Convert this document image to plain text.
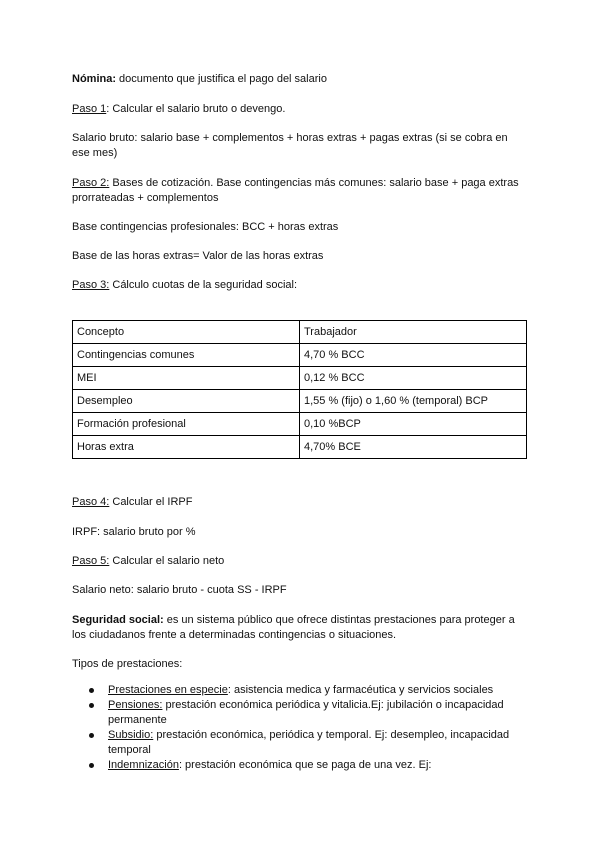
Nómina: documento que justifica el pago del salario
Paso 1: Calcular el salario bruto o devengo.
Salario bruto: salario base + complementos + horas extras + pagas extras (si se cobra en ese mes)
Paso 2: Bases de cotización. Base contingencias más comunes: salario base + paga extras prorrateadas + complementos
Base contingencias profesionales: BCC + horas extras
Base de las horas extras= Valor de las horas extras
Paso 3: Cálculo cuotas de la seguridad social:
Concepto	Trabajador
Contingencias comunes	4,70 % BCC
MEI	0,12 % BCC
Desempleo	1,55 % (fijo) o 1,60 % (temporal) BCP
Formación profesional	0,10 %BCP
Horas extra	4,70% BCE
Paso 4: Calcular el IRPF
IRPF: salario bruto por %
Paso 5: Calcular el salario neto
Salario neto: salario bruto - cuota SS - IRPF
Seguridad social: es un sistema público que ofrece distintas prestaciones para proteger a los ciudadanos frente a determinadas contingencias o situaciones.
Tipos de prestaciones:
Prestaciones en especie: asistencia medica y farmacéutica y servicios sociales
Pensiones: prestación económica periódica y vitalicia.Ej: jubilación o incapacidad permanente
Subsidio: prestación económica, periódica y temporal. Ej: desempleo, incapacidad temporal
Indemnización: prestación económica que se paga de una vez. Ej:
